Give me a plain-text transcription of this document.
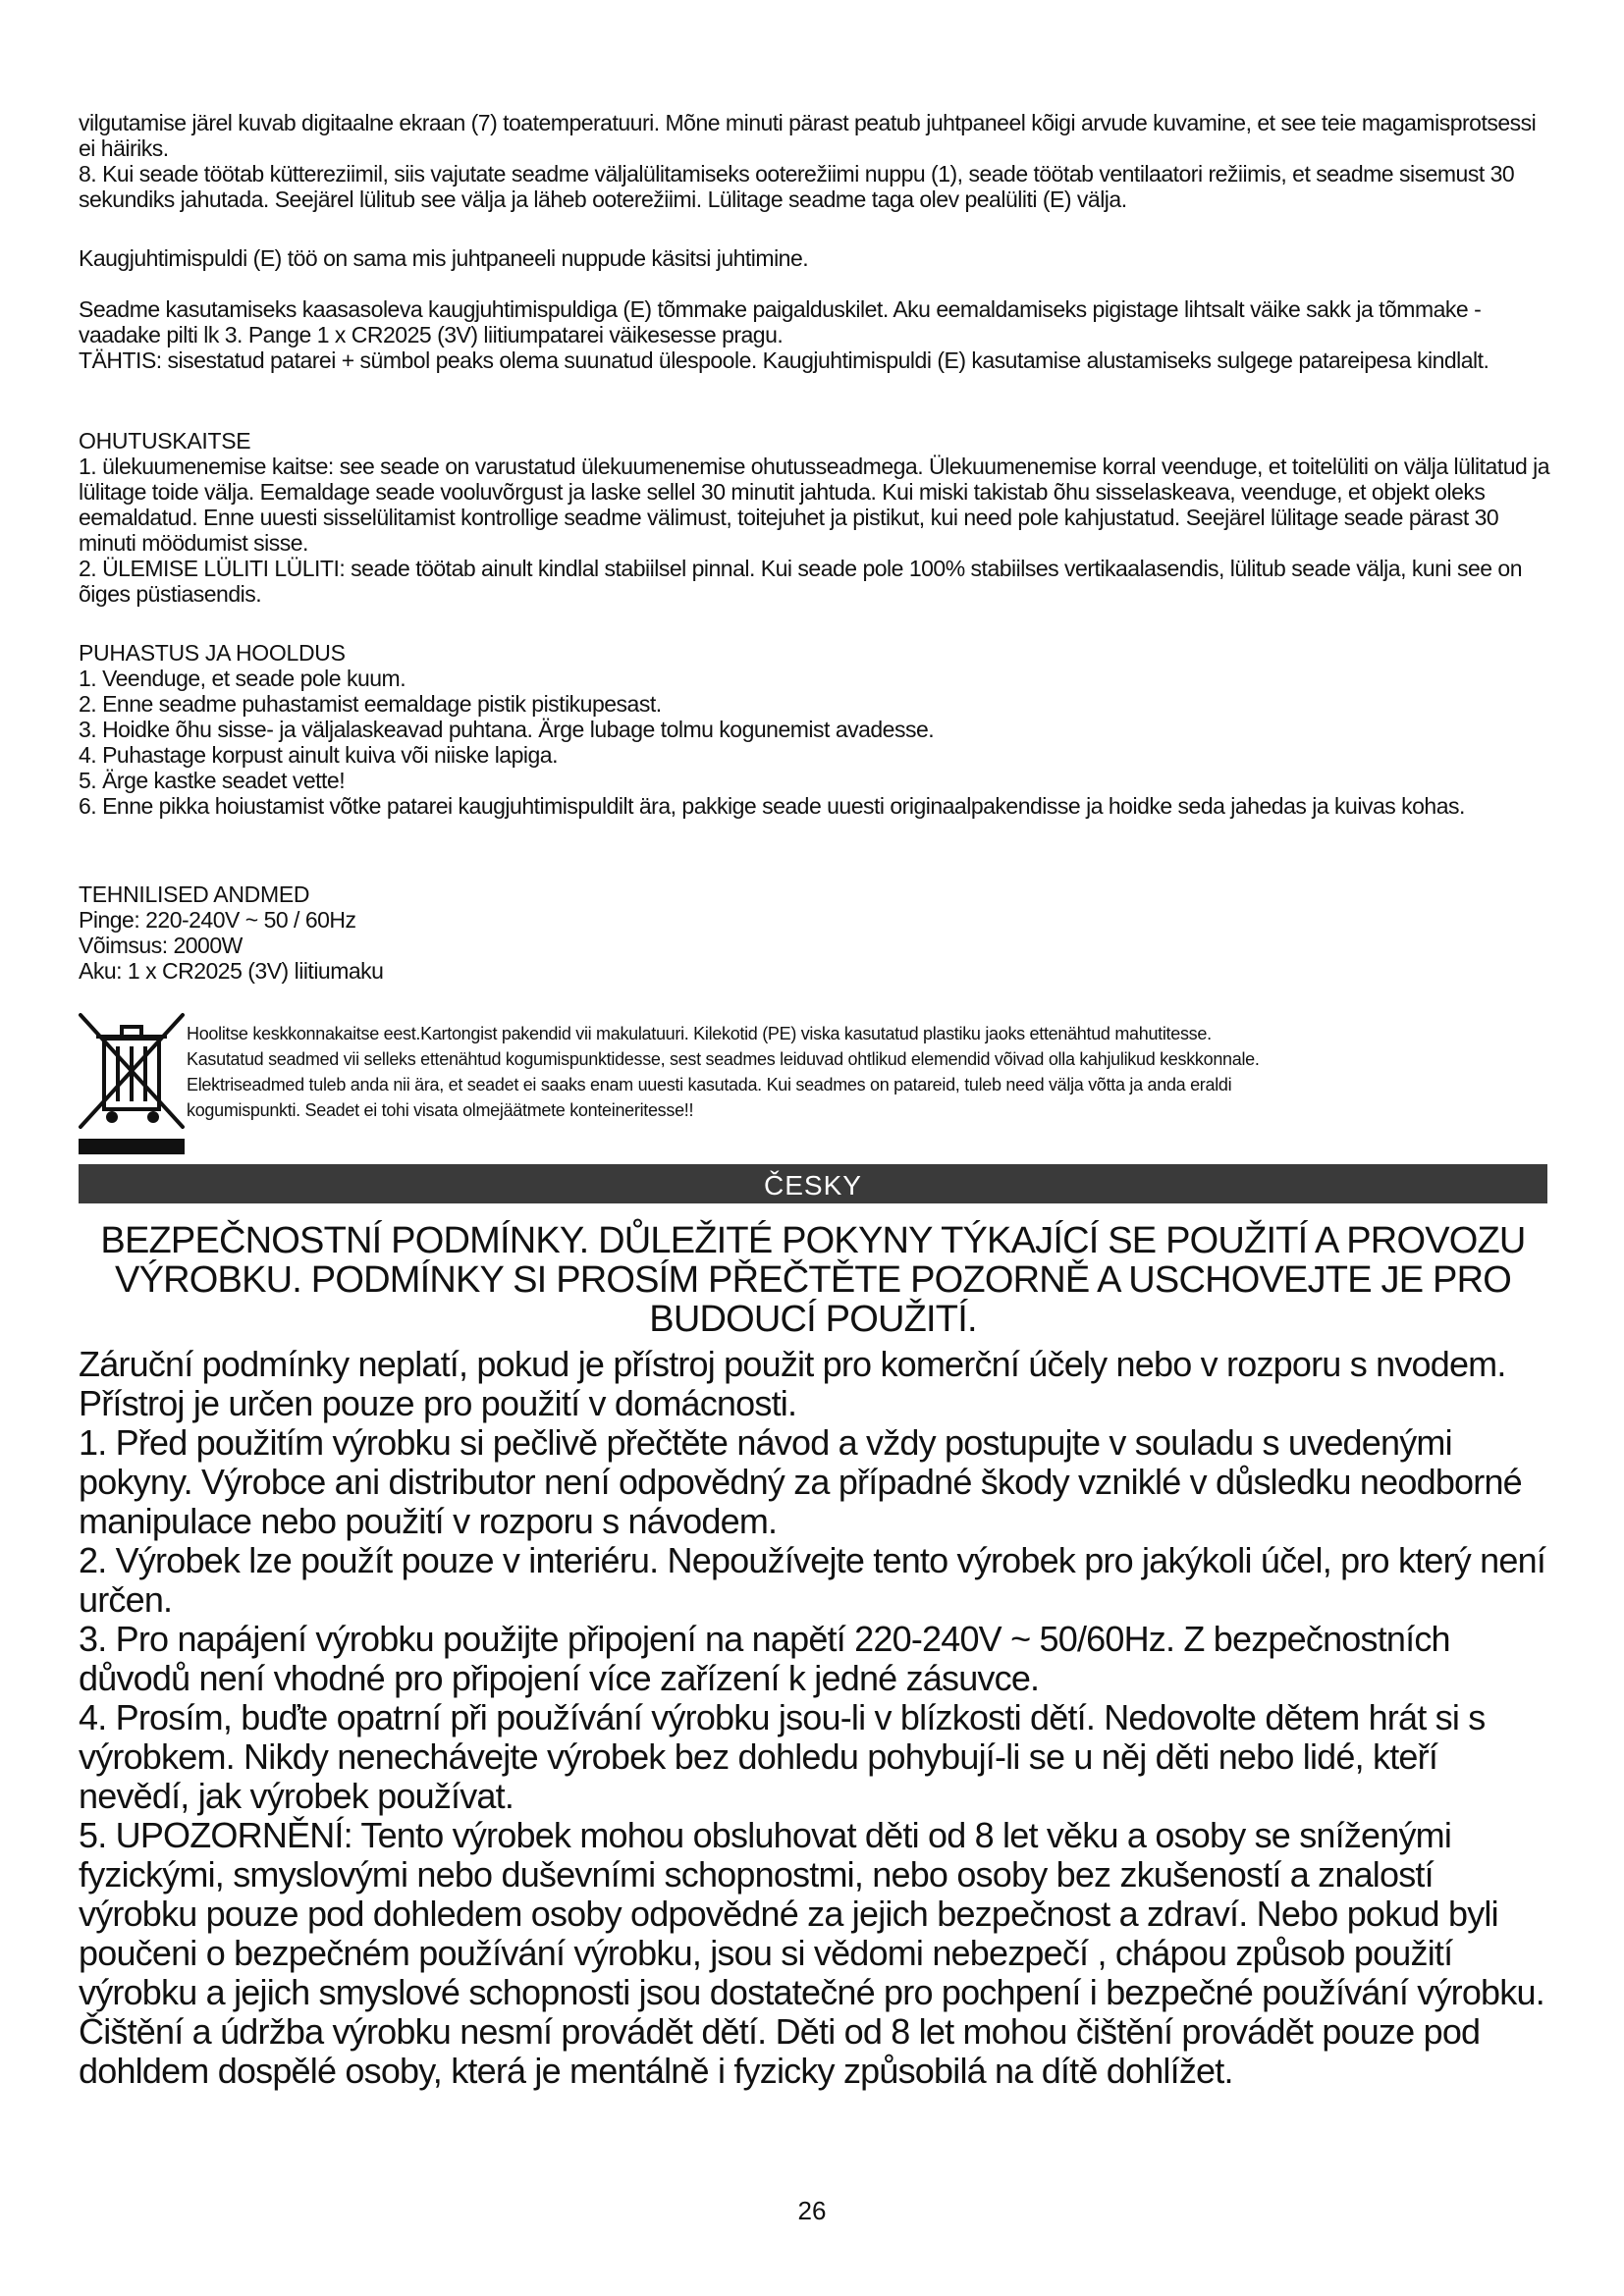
vilgutamise järel kuvab digitaalne ekraan (7) toatemperatuuri. Mõne minuti pärast peatub juhtpaneel kõigi arvude kuvamine, et see teie magamisprotsessi ei häiriks.

8. Kui seade töötab küttereziimil, siis vajutate seadme väljalülitamiseks ooterežiimi nuppu (1), seade töötab ventilaatori režiimis, et seadme sisemust 30 sekundiks jahutada. Seejärel lülitub see välja ja läheb ooterežiimi. Lülitage seadme taga olev pealüliti (E) välja.

Kaugjuhtimispuldi (E) töö on sama mis juhtpaneeli nuppude käsitsi juhtimine.

Seadme kasutamiseks kaasasoleva kaugjuhtimispuldiga (E) tõmmake paigalduskilet. Aku eemaldamiseks pigistage lihtsalt väike sakk ja tõmmake - vaadake pilti lk 3. Pange 1 x CR2025 (3V) liitiumpatarei väikesesse pragu.

TÄHTIS: sisestatud patarei + sümbol peaks olema suunatud ülespoole. Kaugjuhtimispuldi (E) kasutamise alustamiseks sulgege patareipesa kindlalt.

OHUTUSKAITSE

1. ülekuumenemise kaitse: see seade on varustatud ülekuumenemise ohutusseadmega. Ülekuumenemise korral veenduge, et toitelüliti on välja lülitatud ja lülitage toide välja. Eemaldage seade vooluvõrgust ja laske sellel 30 minutit jahtuda. Kui miski takistab õhu sisselaskeava, veenduge, et objekt oleks eemaldatud. Enne uuesti sisselülitamist kontrollige seadme välimust, toitejuhet ja pistikut, kui need pole kahjustatud. Seejärel lülitage seade pärast 30 minuti möödumist sisse.

2. ÜLEMISE LÜLITI LÜLITI: seade töötab ainult kindlal stabiilsel pinnal. Kui seade pole 100% stabiilses vertikaalasendis, lülitub seade välja, kuni see on õiges püstiasendis.

PUHASTUS JA HOOLDUS

1. Veenduge, et seade pole kuum.

2. Enne seadme puhastamist eemaldage pistik pistikupesast.

3. Hoidke õhu sisse- ja väljalaskeavad puhtana. Ärge lubage tolmu kogunemist avadesse.

4. Puhastage korpust ainult kuiva või niiske lapiga.

5. Ärge kastke seadet vette!

6. Enne pikka hoiustamist võtke patarei kaugjuhtimispuldilt ära, pakkige seade uuesti originaalpakendisse ja hoidke seda jahedas ja kuivas kohas.

TEHNILISED ANDMED

Pinge: 220-240V ~ 50 / 60Hz

Võimsus: 2000W

Aku: 1 x CR2025 (3V) liitiumaku

Hoolitse keskkonnakaitse eest.Kartongist pakendid vii makulatuuri. Kilekotid (PE) viska kasutatud plastiku jaoks ettenähtud mahutitesse.

Kasutatud seadmed vii selleks ettenähtud kogumispunktidesse, sest seadmes leiduvad ohtlikud elemendid võivad olla kahjulikud keskkonnale.

Elektriseadmed tuleb anda nii ära, et seadet ei saaks enam uuesti kasutada. Kui seadmes on patareid, tuleb need välja võtta ja anda eraldi

kogumispunkti. Seadet ei tohi visata olmejäätmete konteineritesse!!

ČESKY

BEZPEČNOSTNÍ PODMÍNKY. DŮLEŽITÉ POKYNY TÝKAJÍCÍ SE POUŽITÍ A PROVOZU VÝROBKU. PODMÍNKY SI PROSÍM PŘEČTĚTE POZORNĚ A USCHOVEJTE JE PRO BUDOUCÍ POUŽITÍ.

Záruční podmínky neplatí, pokud je přístroj použit pro komerční účely nebo v rozporu s nvodem. Přístroj je určen pouze pro použití v domácnosti.

1. Před použitím výrobku si pečlivě přečtěte návod a vždy postupujte v souladu s uvedenými pokyny. Výrobce ani distributor není odpovědný za případné škody vzniklé v důsledku neodborné manipulace nebo použití v rozporu s návodem.

2. Výrobek lze použít pouze v interiéru. Nepoužívejte tento výrobek pro jakýkoli účel, pro který není určen.

3. Pro napájení výrobku použijte připojení na napětí 220-240V ~ 50/60Hz. Z bezpečnostních důvodů není vhodné pro připojení více zařízení k jedné zásuvce.

4. Prosím, buďte opatrní při používání výrobku jsou-li v blízkosti dětí. Nedovolte dětem hrát si s výrobkem. Nikdy nenechávejte výrobek bez dohledu pohybují-li se u něj děti nebo lidé, kteří nevědí, jak výrobek používat.

5. UPOZORNĚNÍ: Tento výrobek mohou obsluhovat děti od 8 let věku a osoby se sníženými fyzickými, smyslovými nebo duševními schopnostmi, nebo osoby bez zkušeností a znalostí výrobku pouze pod dohledem osoby odpovědné za jejich bezpečnost a zdraví. Nebo pokud byli poučeni o bezpečném používání výrobku, jsou si vědomi nebezpečí , chápou způsob použití výrobku a jejich smyslové schopnosti jsou dostatečné pro pochpení i bezpečné používání výrobku.

Čištění a údržba výrobku nesmí provádět dětí. Děti od 8 let mohou čištění provádět pouze pod dohldem dospělé osoby, která je mentálně i fyzicky způsobilá na dítě dohlížet.

26
